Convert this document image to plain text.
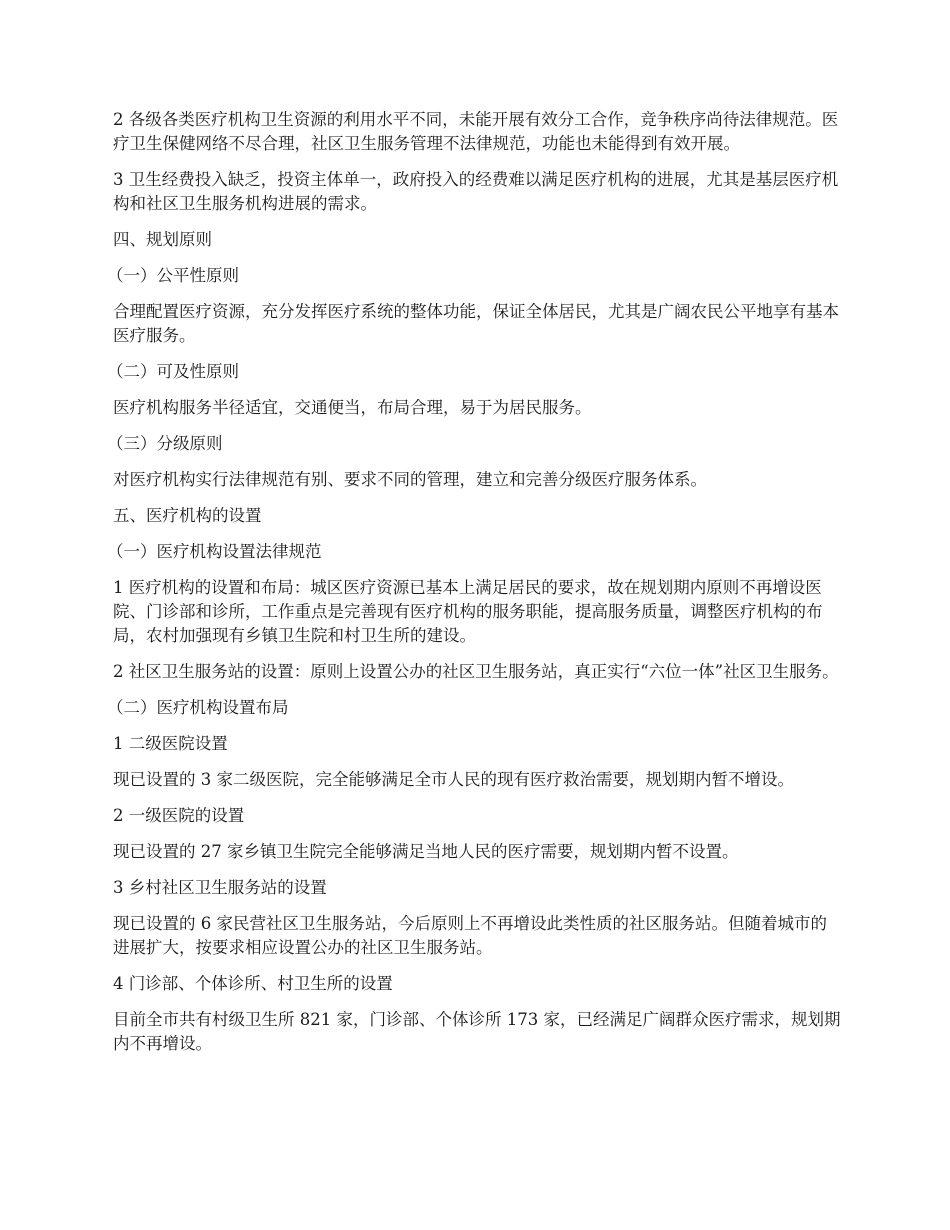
2 各级各类医疗机构卫生资源的利用水平不同，未能开展有效分工合作，竞争秩序尚待法律规范。医疗卫生保健网络不尽合理，社区卫生服务管理不法律规范，功能也未能得到有效开展。

3 卫生经费投入缺乏，投资主体单一，政府投入的经费难以满足医疗机构的进展，尤其是基层医疗机构和社区卫生服务机构进展的需求。

四、规划原则

（一）公平性原则

合理配置医疗资源，充分发挥医疗系统的整体功能，保证全体居民，尤其是广阔农民公平地享有基本医疗服务。

（二）可及性原则

医疗机构服务半径适宜，交通便当，布局合理，易于为居民服务。

（三）分级原则

对医疗机构实行法律规范有别、要求不同的管理，建立和完善分级医疗服务体系。

五、医疗机构的设置

（一）医疗机构设置法律规范

1 医疗机构的设置和布局：城区医疗资源已基本上满足居民的要求，故在规划期内原则不再增设医院、门诊部和诊所，工作重点是完善现有医疗机构的服务职能，提高服务质量，调整医疗机构的布局，农村加强现有乡镇卫生院和村卫生所的建设。

2 社区卫生服务站的设置：原则上设置公办的社区卫生服务站，真正实行“六位一体”社区卫生服务。

（二）医疗机构设置布局

1 二级医院设置

现已设置的 3 家二级医院，完全能够满足全市人民的现有医疗救治需要，规划期内暂不增设。

2 一级医院的设置

现已设置的 27 家乡镇卫生院完全能够满足当地人民的医疗需要，规划期内暂不设置。

3 乡村社区卫生服务站的设置

现已设置的 6 家民营社区卫生服务站，今后原则上不再增设此类性质的社区服务站。但随着城市的进展扩大，按要求相应设置公办的社区卫生服务站。

4 门诊部、个体诊所、村卫生所的设置

目前全市共有村级卫生所 821 家，门诊部、个体诊所 173 家，已经满足广阔群众医疗需求，规划期内不再增设。
